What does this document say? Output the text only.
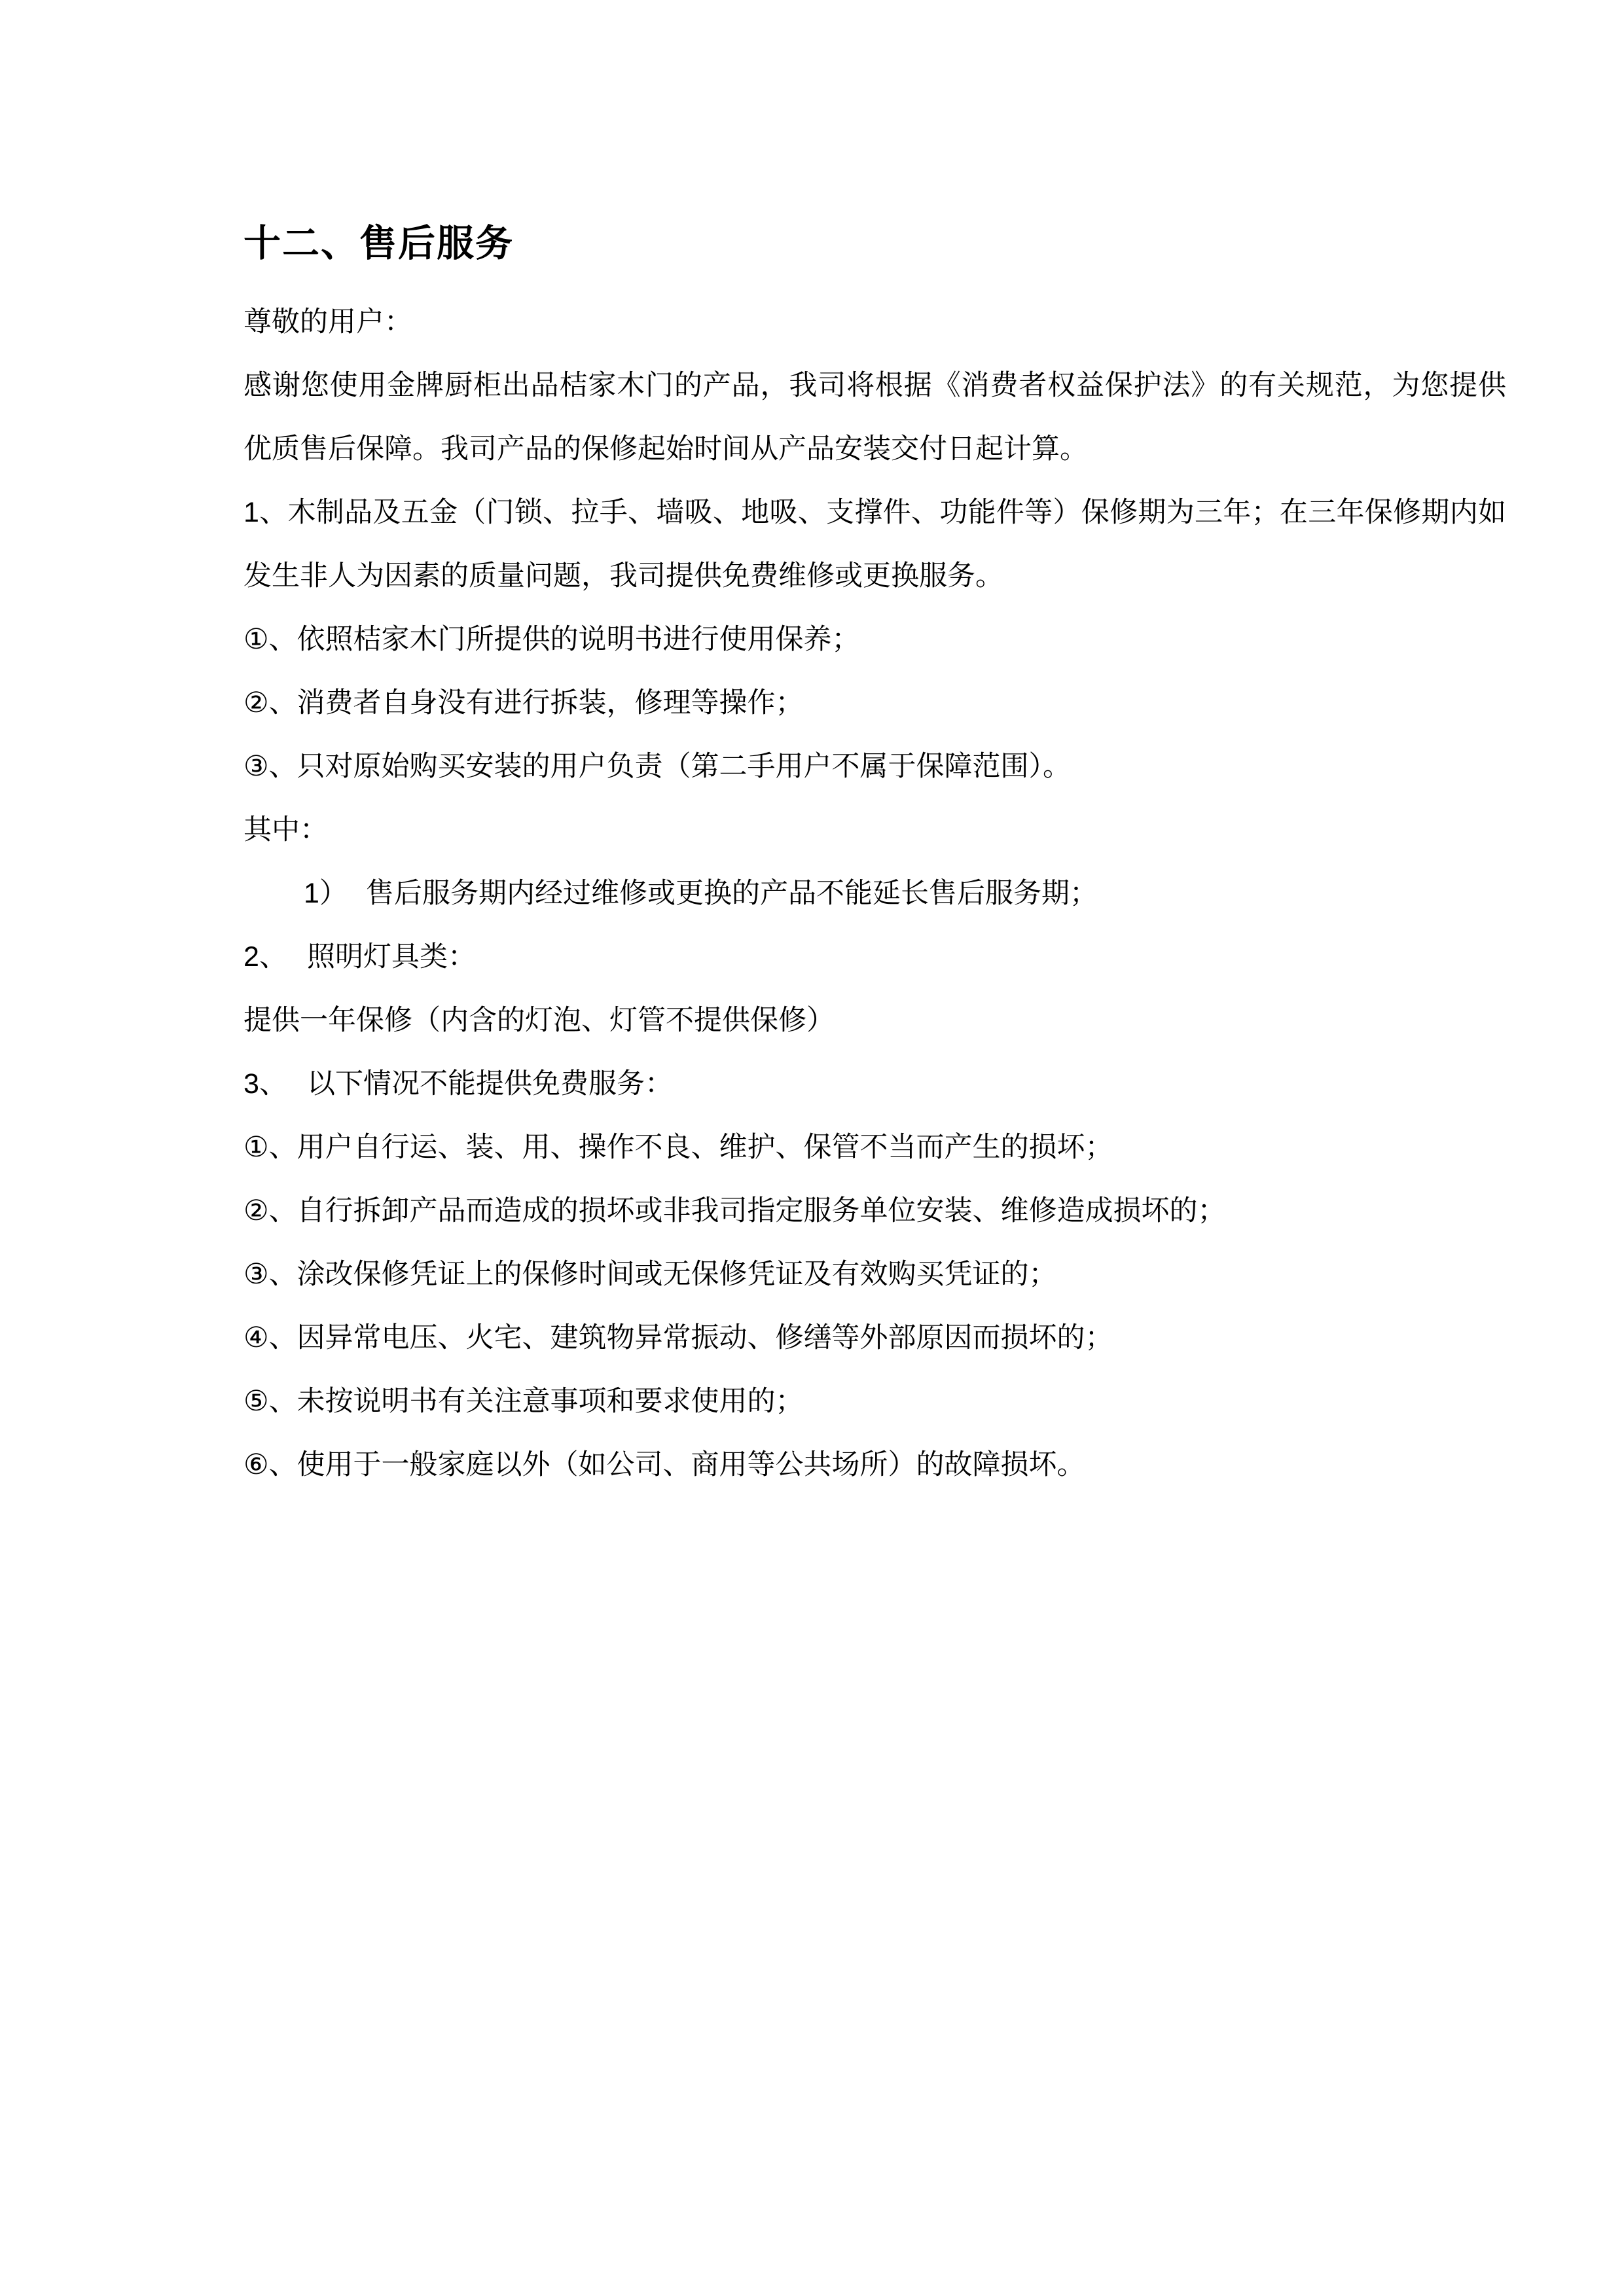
十二、售后服务

尊敬的用户：

感谢您使用金牌厨柜出品桔家木门的产品，我司将根据《消费者权益保护法》的有关规范，为您提供优质售后保障。我司产品的保修起始时间从产品安装交付日起计算。

1、木制品及五金（门锁、拉手、墙吸、地吸、支撑件、功能件等）保修期为三年；在三年保修期内如发生非人为因素的质量问题，我司提供免费维修或更换服务。

①、依照桔家木门所提供的说明书进行使用保养；

②、消费者自身没有进行拆装，修理等操作；

③、只对原始购买安装的用户负责（第二手用户不属于保障范围）。

其中：

1） 售后服务期内经过维修或更换的产品不能延长售后服务期；

2、 照明灯具类：

提供一年保修（内含的灯泡、灯管不提供保修）

3、 以下情况不能提供免费服务：

①、用户自行运、装、用、操作不良、维护、保管不当而产生的损坏；

②、自行拆卸产品而造成的损坏或非我司指定服务单位安装、维修造成损坏的；

③、涂改保修凭证上的保修时间或无保修凭证及有效购买凭证的；

④、因异常电压、火宅、建筑物异常振动、修缮等外部原因而损坏的；

⑤、未按说明书有关注意事项和要求使用的；

⑥、使用于一般家庭以外（如公司、商用等公共场所）的故障损坏。
